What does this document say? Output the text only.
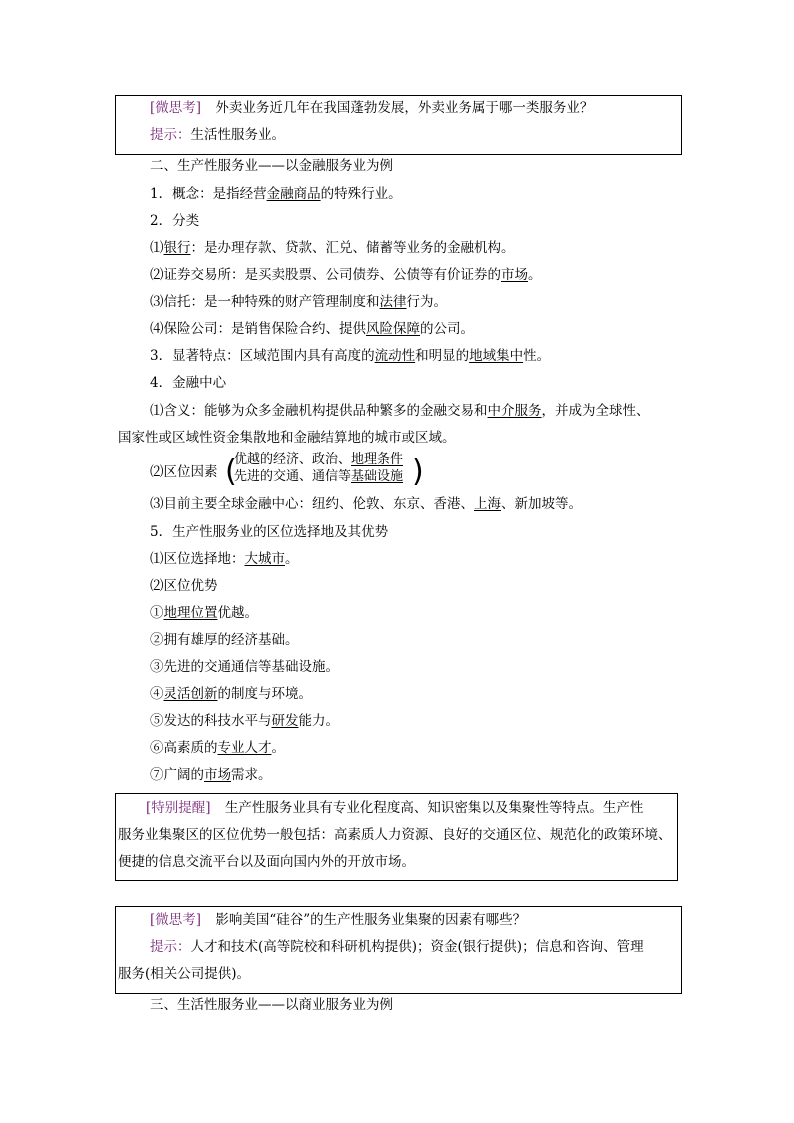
[微思考] 外卖业务近几年在我国蓬勃发展，外卖业务属于哪一类服务业？
提示：生活性服务业。
二、生产性服务业——以金融服务业为例
1．概念：是指经营金融商品的特殊行业。
2．分类
⑴银行：是办理存款、贷款、汇兑、储蓄等业务的金融机构。
⑵证券交易所：是买卖股票、公司债券、公债等有价证券的市场。
⑶信托：是一种特殊的财产管理制度和法律行为。
⑷保险公司：是销售保险合约、提供风险保障的公司。
3．显著特点：区域范围内具有高度的流动性和明显的地域集中性。
4．金融中心
⑴含义：能够为众多金融机构提供品种繁多的金融交易和中介服务，并成为全球性、
国家性或区域性资金集散地和金融结算地的城市或区域。
⑵区位因素 (
优越的经济、政治、地理条件
先进的交通、通信等基础设施 )
⑶目前主要全球金融中心：纽约、伦敦、东京、香港、上海、新加坡等。
5．生产性服务业的区位选择地及其优势
⑴区位选择地：大城市。
⑵区位优势
①地理位置优越。
②拥有雄厚的经济基础。
③先进的交通通信等基础设施。
④灵活创新的制度与环境。
⑤发达的科技水平与研发能力。
⑥高素质的专业人才。
⑦广阔的市场需求。
[特别提醒] 生产性服务业具有专业化程度高、知识密集以及集聚性等特点。生产性
服务业集聚区的区位优势一般包括：高素质人力资源、良好的交通区位、规范化的政策环境、
便捷的信息交流平台以及面向国内外的开放市场。
[微思考] 影响美国“硅谷”的生产性服务业集聚的因素有哪些？
提示：人才和技术(高等院校和科研机构提供)；资金(银行提供)；信息和咨询、管理
服务(相关公司提供)。
三、生活性服务业——以商业服务业为例
